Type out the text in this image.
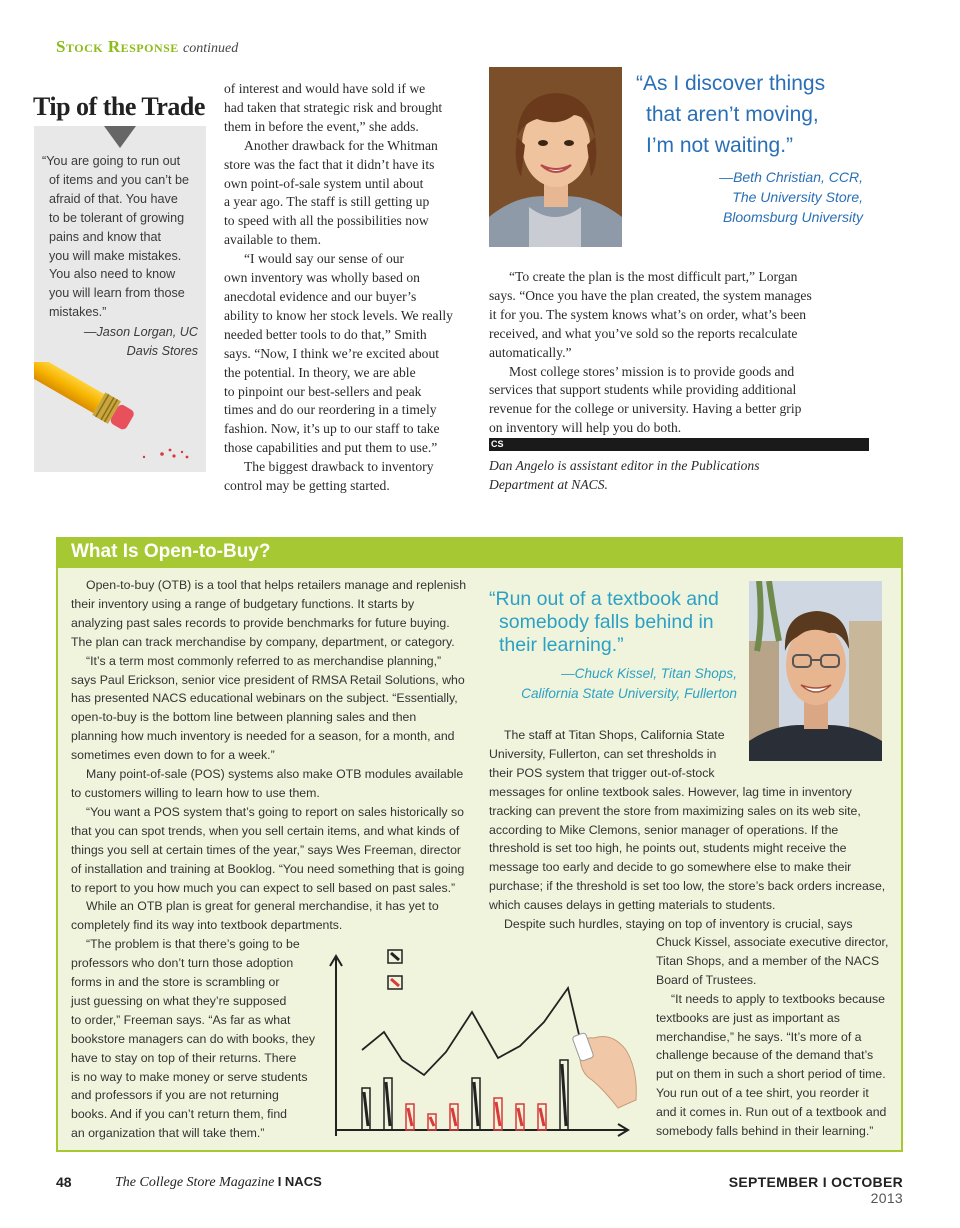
Stock Response continued
Tip of the Trade
“You are going to run out
of items and you can’t be
afraid of that. You have
to be tolerant of growing
pains and know that
you will make mistakes.
You also need to know
you will learn from those
mistakes.”
—Jason Lorgan, UC
Davis Stores
of interest and would have sold if we
had taken that strategic risk and brought
them in before the event,” she adds.
Another drawback for the Whitman
store was the fact that it didn’t have its
own point-of-sale system until about
a year ago. The staff is still getting up
to speed with all the possibilities now
available to them.
“I would say our sense of our
own inventory was wholly based on
anecdotal evidence and our buyer’s
ability to know her stock levels. We really
needed better tools to do that,” Smith
says. “Now, I think we’re excited about
the potential. In theory, we are able
to pinpoint our best-sellers and peak
times and do our reordering in a timely
fashion. Now, it’s up to our staff to take
those capabilities and put them to use.”
The biggest drawback to inventory
control may be getting started.
“As I discover things
that aren’t moving,
I’m not waiting.”
—Beth Christian, CCR,
The University Store,
Bloomsburg University
“To create the plan is the most difficult part,” Lorgan
says. “Once you have the plan created, the system manages
it for you. The system knows what’s on order, what’s been
received, and what you’ve sold so the reports recalculate
automatically.”
Most college stores’ mission is to provide goods and
services that support students while providing additional
revenue for the college or university. Having a better grip
on inventory will help you do both.
CS
Dan Angelo is assistant editor in the Publications
Department at NACS.
What Is Open-to-Buy?
Open-to-buy (OTB) is a tool that helps retailers manage and replenish
their inventory using a range of budgetary functions. It starts by
analyzing past sales records to provide benchmarks for future buying.
The plan can track merchandise by company, department, or category.
“It’s a term most commonly referred to as merchandise planning,”
says Paul Erickson, senior vice president of RMSA Retail Solutions, who
has presented NACS educational webinars on the subject. “Essentially,
open-to-buy is the bottom line between planning sales and then
planning how much inventory is needed for a season, for a month, and
sometimes even down to for a week.”
Many point-of-sale (POS) systems also make OTB modules available
to customers willing to learn how to use them.
“You want a POS system that’s going to report on sales historically so
that you can spot trends, when you sell certain items, and what kinds of
things you sell at certain times of the year,” says Wes Freeman, director
of installation and training at Booklog. “You need something that is going
to report to you how much you can expect to sell based on past sales.”
While an OTB plan is great for general merchandise, it has yet to
completely find its way into textbook departments.
“The problem is that there’s going to be
professors who don’t turn those adoption
forms in and the store is scrambling or
just guessing on what they’re supposed
to order,” Freeman says. “As far as what
bookstore managers can do with books, they
have to stay on top of their returns. There
is no way to make money or serve students
and professors if you are not returning
books. And if you can’t return them, find
an organization that will take them.”
“Run out of a textbook and
somebody falls behind in
their learning.”
—Chuck Kissel, Titan Shops,
California State University, Fullerton
The staff at Titan Shops, California State
University, Fullerton, can set thresholds in
their POS system that trigger out-of-stock
messages for online textbook sales. However, lag time in inventory
tracking can prevent the store from maximizing sales on its web site,
according to Mike Clemons, senior manager of operations. If the
threshold is set too high, he points out, students might receive the
message too early and decide to go somewhere else to make their
purchase; if the threshold is set too low, the store’s back orders increase,
which causes delays in getting materials to students.
Despite such hurdles, staying on top of inventory is crucial, says
Chuck Kissel, associate executive director,
Titan Shops, and a member of the NACS
Board of Trustees.
“It needs to apply to textbooks because
textbooks are just as important as
merchandise,” he says. “It’s more of a
challenge because of the demand that’s
put on them in such a short period of time.
You run out of a tee shirt, you reorder it
and it comes in. Run out of a textbook and
somebody falls behind in their learning.”
48	The College Store Magazine I NACS	SEPTEMBER I OCTOBER 2013
